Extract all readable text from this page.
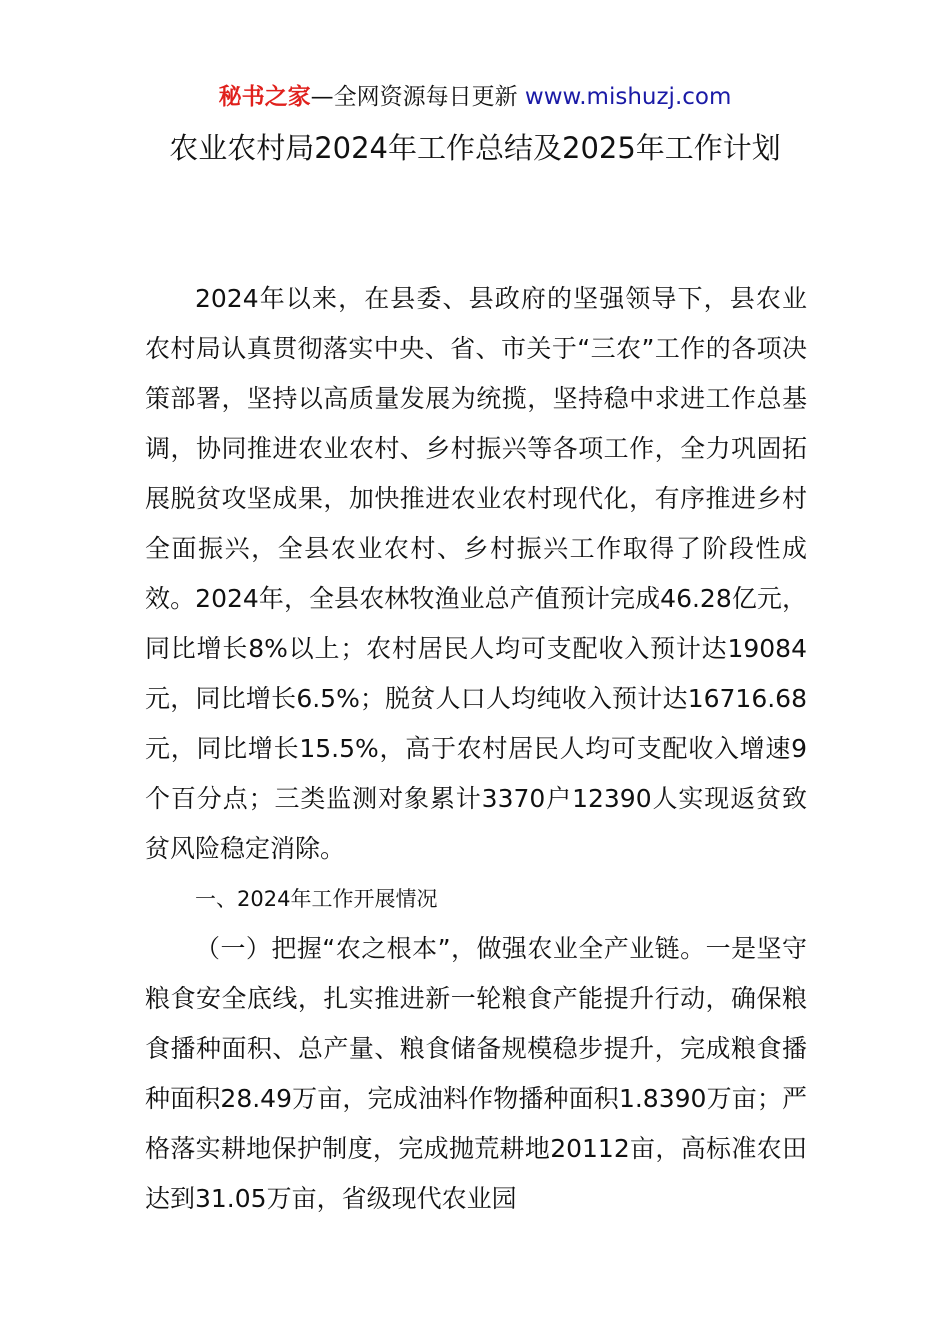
秘书之家—全网资源每日更新 www.mishuzj.com
农业农村局2024年工作总结及2025年工作计划

2024年以来，在县委、县政府的坚强领导下，县农业农村局认真贯彻落实中央、省、市关于“三农”工作的各项决策部署，坚持以高质量发展为统揽，坚持稳中求进工作总基调，协同推进农业农村、乡村振兴等各项工作，全力巩固拓展脱贫攻坚成果，加快推进农业农村现代化，有序推进乡村全面振兴，全县农业农村、乡村振兴工作取得了阶段性成效。2024年，全县农林牧渔业总产值预计完成46.28亿元，同比增长8%以上；农村居民人均可支配收入预计达19084元，同比增长6.5%；脱贫人口人均纯收入预计达16716.68元，同比增长15.5%，高于农村居民人均可支配收入增速9个百分点；三类监测对象累计3370户12390人实现返贫致贫风险稳定消除。

一、2024年工作开展情况

（一）把握“农之根本”，做强农业全产业链。一是坚守粮食安全底线，扎实推进新一轮粮食产能提升行动，确保粮食播种面积、总产量、粮食储备规模稳步提升，完成粮食播种面积28.49万亩，完成油料作物播种面积1.8390万亩；严格落实耕地保护制度，完成抛荒耕地20112亩，高标准农田达到31.05万亩，省级现代农业园
